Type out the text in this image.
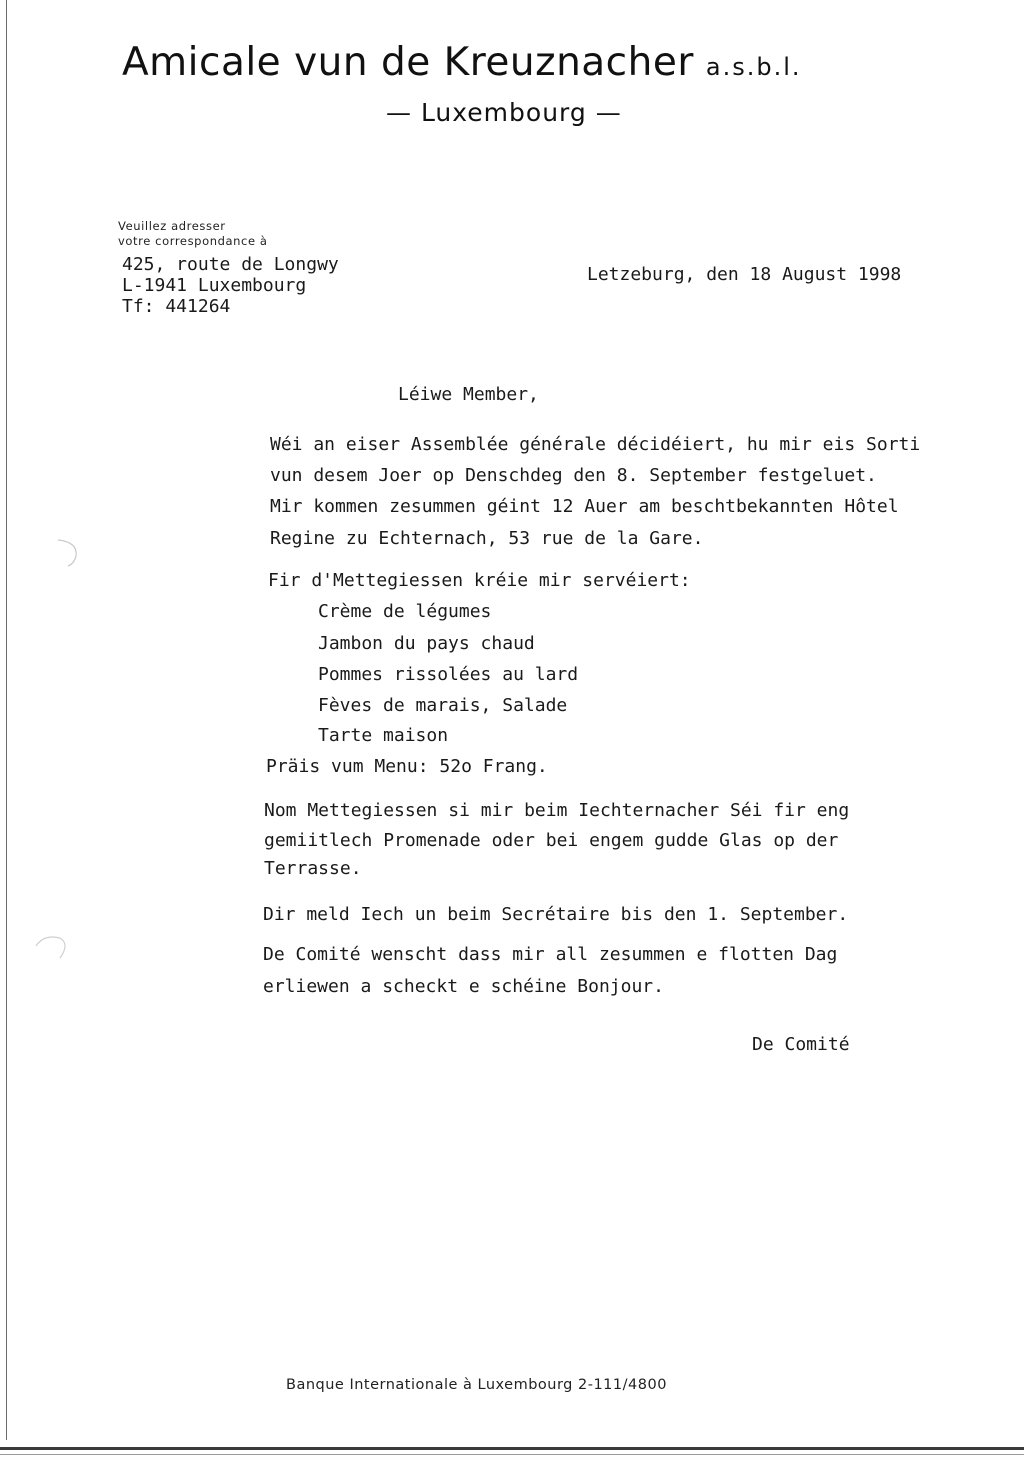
Amicale vun de Kreuznacher a.s.b.l.
— Luxembourg —
Veuillez adresser
votre correspondance à
425, route de Longwy
L-1941 Luxembourg
Tf: 441264
Letzeburg, den 18 August 1998
Léiwe Member,
Wéi an eiser Assemblée générale décidéiert, hu mir eis Sorti
vun desem Joer op Denschdeg den 8. September festgeluet.
Mir kommen zesummen géint 12 Auer am beschtbekannten Hôtel
Regine zu Echternach, 53 rue de la Gare.
Fir d'Mettegiessen kréie mir servéiert:
Crème de légumes
Jambon du pays chaud
Pommes rissolées au lard
Fèves de marais, Salade
Tarte maison
Präis vum Menu: 52o Frang.
Nom Mettegiessen si mir beim Iechternacher Séi fir eng
gemiitlech Promenade oder bei engem gudde Glas op der
Terrasse.
Dir meld Iech un beim Secrétaire bis den 1. September.
De Comité wenscht dass mir all zesummen e flotten Dag
erliewen a scheckt e schéine Bonjour.
De Comité
Banque Internationale à Luxembourg 2-111/4800
